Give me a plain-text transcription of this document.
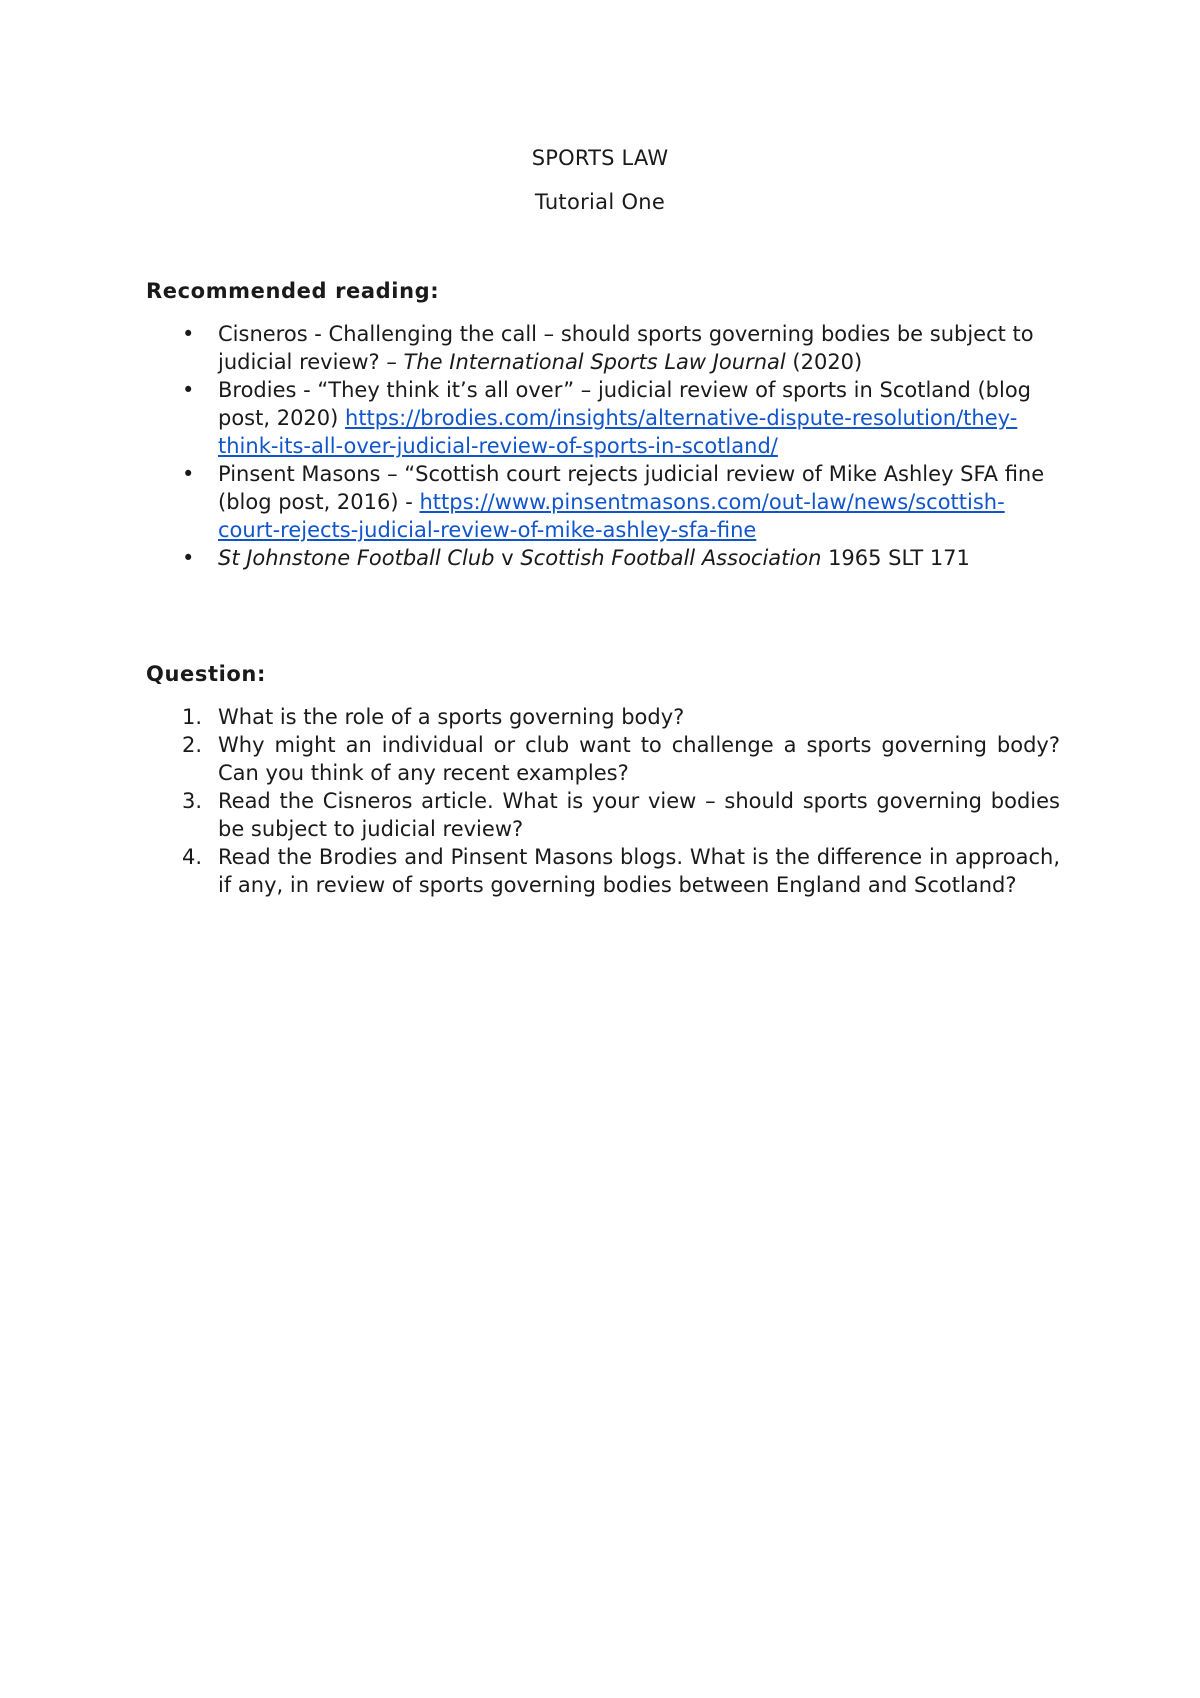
SPORTS LAW
Tutorial One
Recommended reading:
•	Cisneros - Challenging the call – should sports governing bodies be subject to judicial review? – The International Sports Law Journal (2020)
•	Brodies - “They think it’s all over” – judicial review of sports in Scotland (blog post, 2020) https://brodies.com/insights/alternative-dispute-resolution/they-think-its-all-over-judicial-review-of-sports-in-scotland/
•	Pinsent Masons – “Scottish court rejects judicial review of Mike Ashley SFA fine (blog post, 2016) - https://www.pinsentmasons.com/out-law/news/scottish-court-rejects-judicial-review-of-mike-ashley-sfa-fine
•	St Johnstone Football Club v Scottish Football Association 1965 SLT 171
Question:
1. What is the role of a sports governing body?
2. Why might an individual or club want to challenge a sports governing body? Can you think of any recent examples?
3. Read the Cisneros article. What is your view – should sports governing bodies be subject to judicial review?
4. Read the Brodies and Pinsent Masons blogs. What is the difference in approach, if any, in review of sports governing bodies between England and Scotland?
